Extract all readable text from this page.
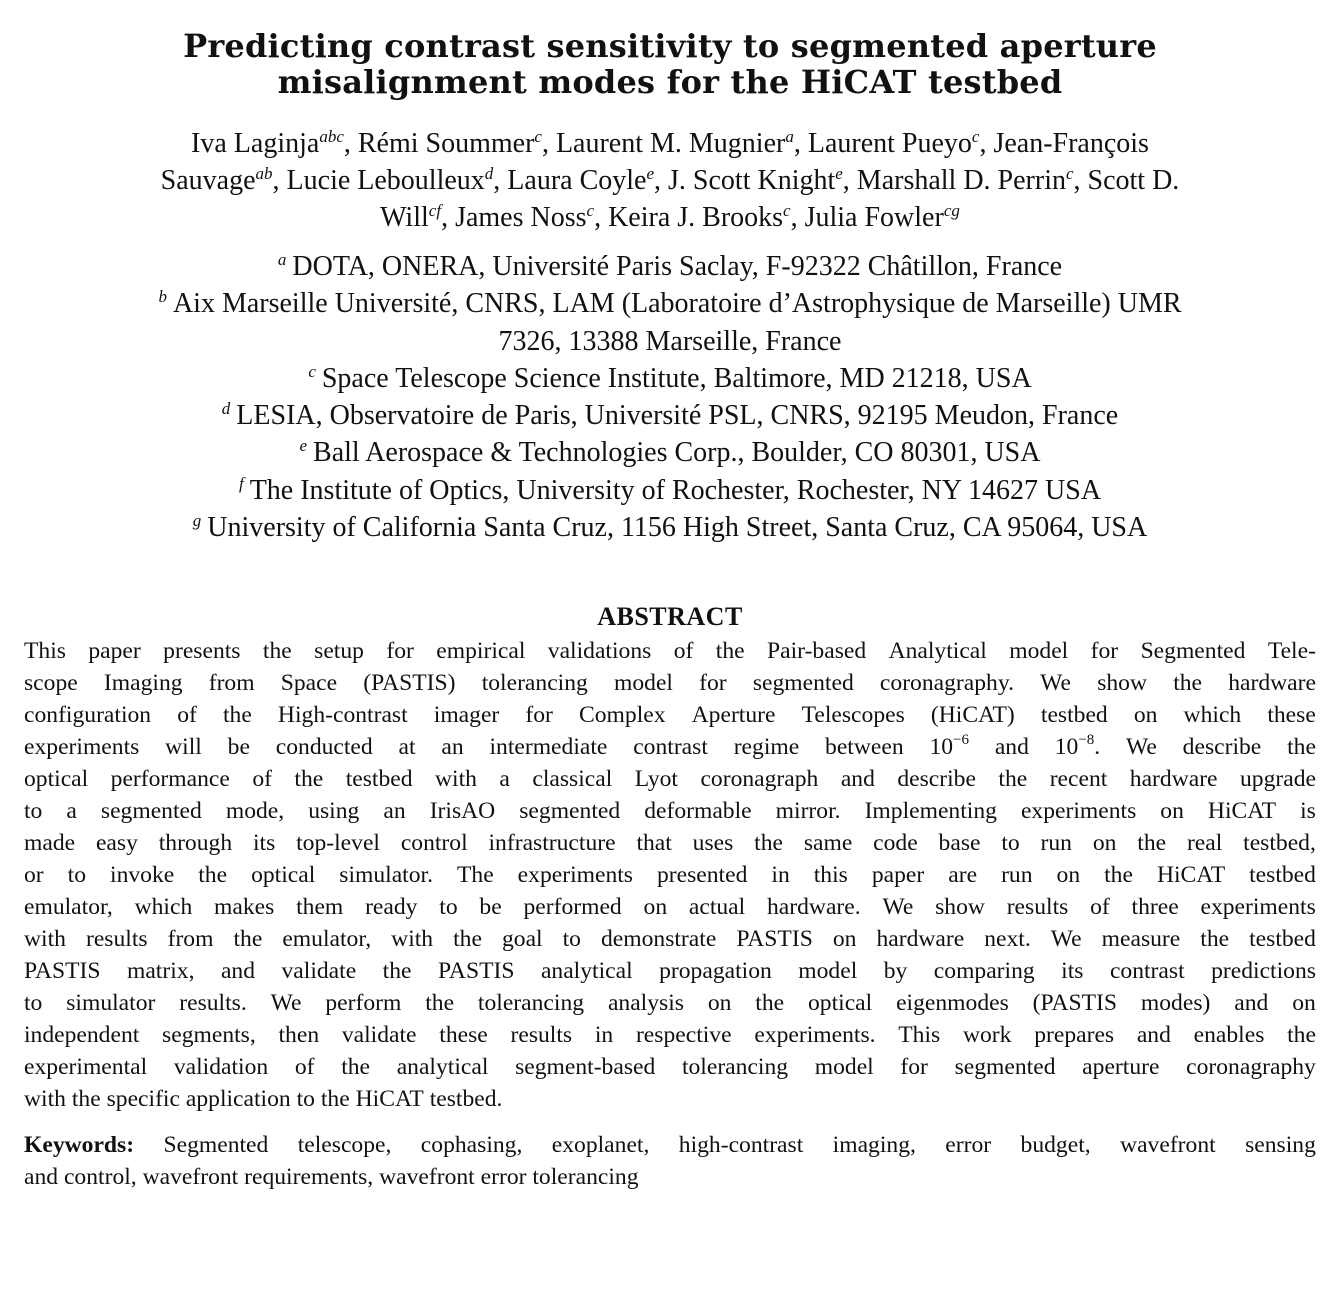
Predicting contrast sensitivity to segmented aperture
misalignment modes for the HiCAT testbed
Iva Laginja$^{abc}$, Rémi Soummer$^c$, Laurent M. Mugnier$^a$, Laurent Pueyo$^c$, Jean-François
Sauvage$^{ab}$, Lucie Leboulleux$^d$, Laura Coyle$^e$, J. Scott Knight$^e$, Marshall D. Perrin$^c$, Scott D.
Will$^{cf}$, James Noss$^c$, Keira J. Brooks$^c$, Julia Fowler$^{cg}$
$^a$ DOTA, ONERA, Université Paris Saclay, F-92322 Châtillon, France
$^b$ Aix Marseille Université, CNRS, LAM (Laboratoire d’Astrophysique de Marseille) UMR
7326, 13388 Marseille, France
$^c$ Space Telescope Science Institute, Baltimore, MD 21218, USA
$^d$ LESIA, Observatoire de Paris, Université PSL, CNRS, 92195 Meudon, France
$^e$ Ball Aerospace & Technologies Corp., Boulder, CO 80301, USA
$^f$ The Institute of Optics, University of Rochester, Rochester, NY 14627 USA
$^g$ University of California Santa Cruz, 1156 High Street, Santa Cruz, CA 95064, USA
ABSTRACT
This paper presents the setup for empirical validations of the Pair-based Analytical model for Segmented Tele-
scope Imaging from Space (PASTIS) tolerancing model for segmented coronagraphy. We show the hardware
configuration of the High-contrast imager for Complex Aperture Telescopes (HiCAT) testbed on which these
experiments will be conducted at an intermediate contrast regime between $10^{-6}$ and $10^{-8}$. We describe the
optical performance of the testbed with a classical Lyot coronagraph and describe the recent hardware upgrade
to a segmented mode, using an IrisAO segmented deformable mirror. Implementing experiments on HiCAT is
made easy through its top-level control infrastructure that uses the same code base to run on the real testbed,
or to invoke the optical simulator. The experiments presented in this paper are run on the HiCAT testbed
emulator, which makes them ready to be performed on actual hardware. We show results of three experiments
with results from the emulator, with the goal to demonstrate PASTIS on hardware next. We measure the testbed
PASTIS matrix, and validate the PASTIS analytical propagation model by comparing its contrast predictions
to simulator results. We perform the tolerancing analysis on the optical eigenmodes (PASTIS modes) and on
independent segments, then validate these results in respective experiments. This work prepares and enables the
experimental validation of the analytical segment-based tolerancing model for segmented aperture coronagraphy
with
the
specific
application
to
the
HiCAT
testbed.
Keywords: Segmented telescope, cophasing, exoplanet, high-contrast imaging, error budget, wavefront sensing
and control, wavefront requirements, wavefront error tolerancing
